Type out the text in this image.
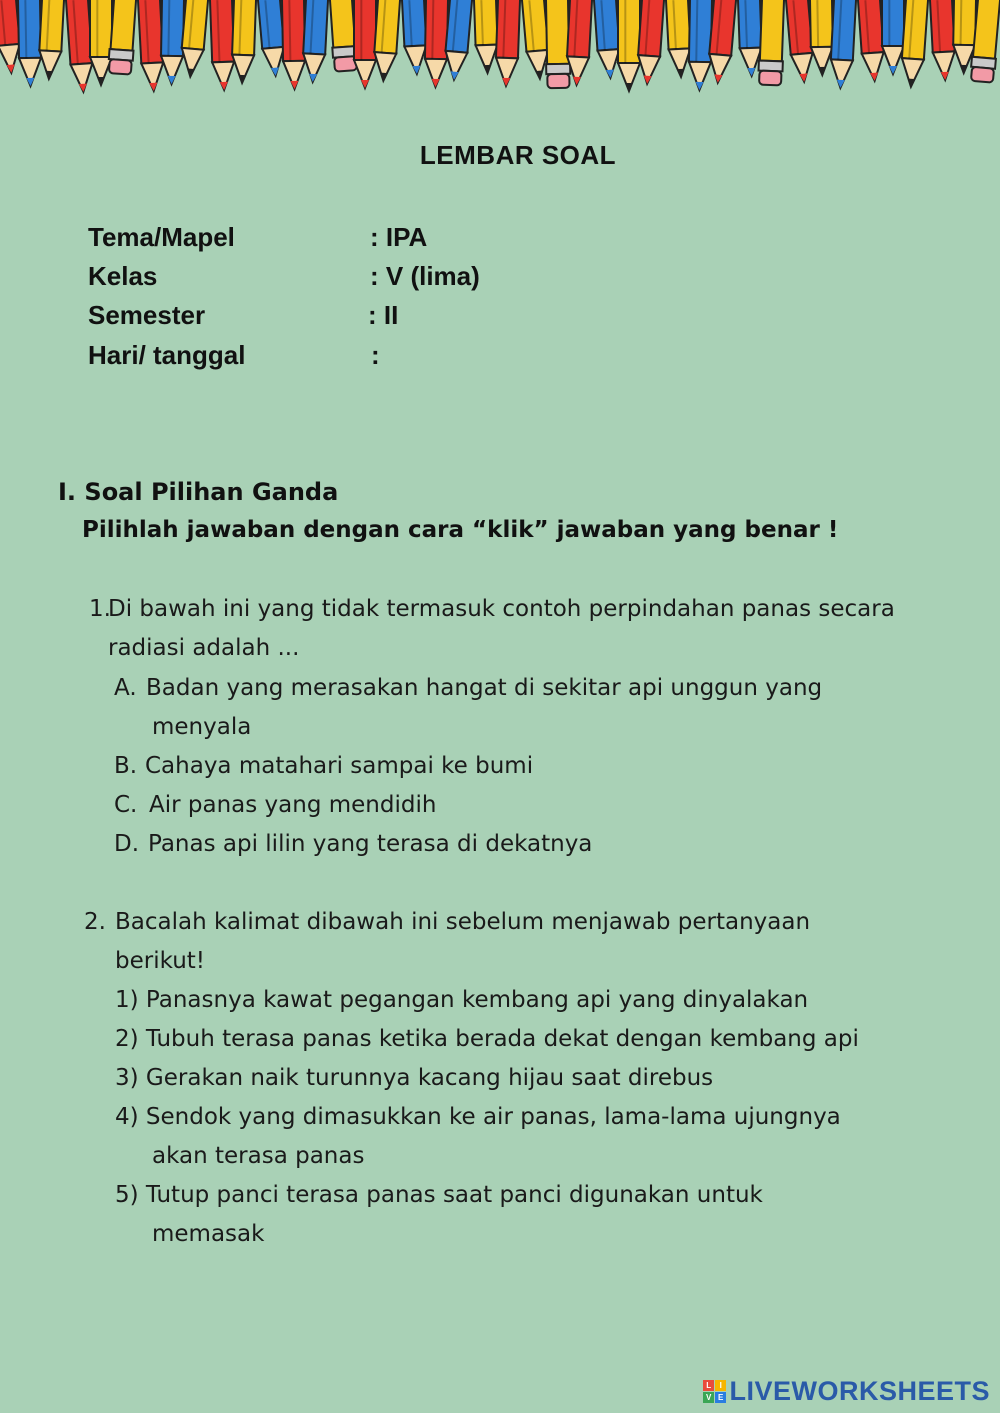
LEMBAR SOAL
Tema/Mapel	: IPA
Kelas	: V (lima)
Semester	: II
Hari/ tanggal	:
I. Soal Pilihan Ganda
Pilihlah jawaban dengan cara “klik” jawaban yang benar !
1.
Di bawah ini yang tidak termasuk contoh perpindahan panas secara
radiasi adalah ...
A. Badan yang merasakan hangat di sekitar api unggun yang
menyala
B. Cahaya matahari sampai ke bumi
C. Air panas yang mendidih
D. Panas api lilin yang terasa di dekatnya
2. Bacalah kalimat dibawah ini sebelum menjawab pertanyaan
berikut!
1) Panasnya kawat pegangan kembang api yang dinyalakan
2) Tubuh terasa panas ketika berada dekat dengan kembang api
3) Gerakan naik turunnya kacang hijau saat direbus
4) Sendok yang dimasukkan ke air panas, lama-lama ujungnya
akan terasa panas
5) Tutup panci terasa panas saat panci digunakan untuk
memasak
L I
V E LIVEWORKSHEETS
